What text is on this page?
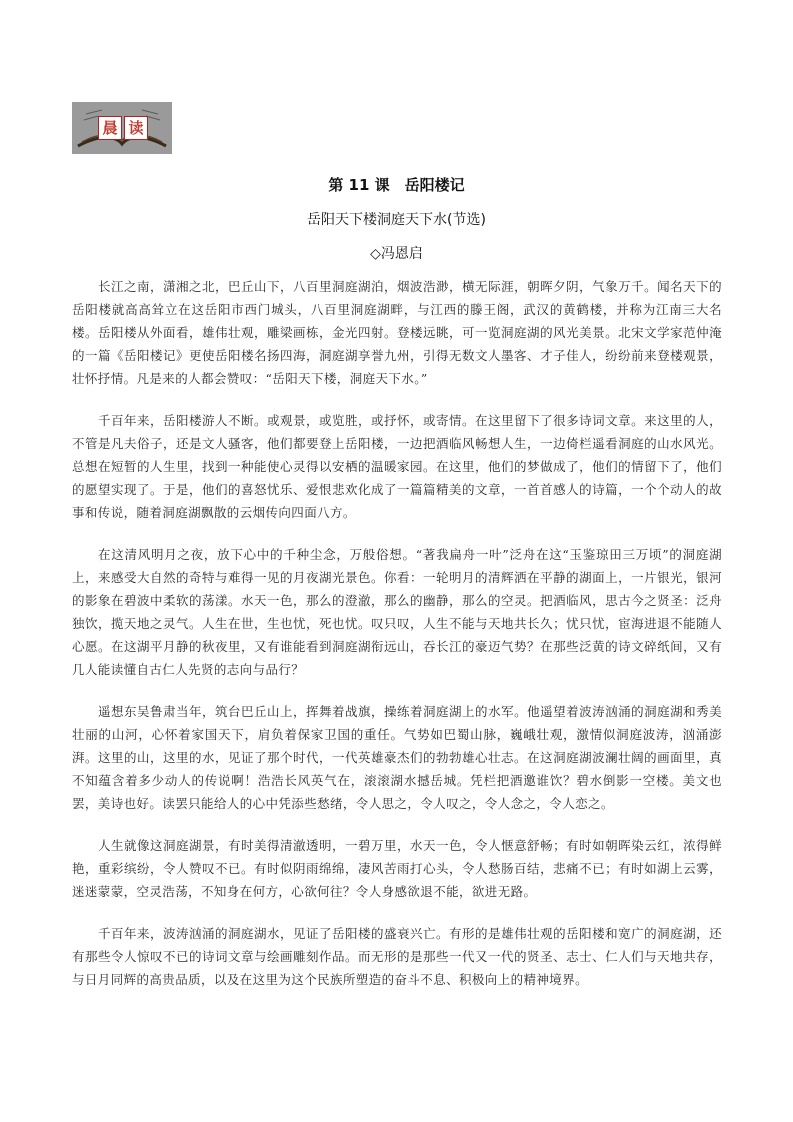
晨 读
第 11 课　岳阳楼记
岳阳天下楼洞庭天下水(节选)
◇冯恩启

长江之南，潇湘之北，巴丘山下，八百里洞庭湖泊，烟波浩渺，横无际涯，朝晖夕阴，气象万千。闻名天下的岳阳楼就高高耸立在这岳阳市西门城头，八百里洞庭湖畔，与江西的滕王阁，武汉的黄鹤楼，并称为江南三大名楼。岳阳楼从外面看，雄伟壮观，雕梁画栋，金光四射。登楼远眺，可一览洞庭湖的风光美景。北宋文学家范仲淹的一篇《岳阳楼记》更使岳阳楼名扬四海，洞庭湖享誉九州，引得无数文人墨客、才子佳人，纷纷前来登楼观景，壮怀抒情。凡是来的人都会赞叹：“岳阳天下楼，洞庭天下水。”

千百年来，岳阳楼游人不断。或观景，或览胜，或抒怀，或寄情。在这里留下了很多诗词文章。来这里的人，不管是凡夫俗子，还是文人骚客，他们都要登上岳阳楼，一边把酒临风畅想人生，一边倚栏遥看洞庭的山水风光。总想在短暂的人生里，找到一种能使心灵得以安栖的温暖家园。在这里，他们的梦做成了，他们的情留下了，他们的愿望实现了。于是，他们的喜怒忧乐、爱恨悲欢化成了一篇篇精美的文章，一首首感人的诗篇，一个个动人的故事和传说，随着洞庭湖飘散的云烟传向四面八方。

在这清风明月之夜，放下心中的千种尘念，万般俗想。“著我扁舟一叶”泛舟在这“玉鉴琼田三万顷”的洞庭湖上，来感受大自然的奇特与难得一见的月夜湖光景色。你看：一轮明月的清辉洒在平静的湖面上，一片银光，银河的影象在碧波中柔软的荡漾。水天一色，那么的澄澈，那么的幽静，那么的空灵。把酒临风，思古今之贤圣：泛舟独饮，揽天地之灵气。人生在世，生也忧，死也忧。叹只叹，人生不能与天地共长久；忧只忧，宦海进退不能随人心愿。在这湖平月静的秋夜里，又有谁能看到洞庭湖衔远山，吞长江的豪迈气势？在那些泛黄的诗文碎纸间，又有几人能读懂自古仁人先贤的志向与品行？

遥想东吴鲁肃当年，筑台巴丘山上，挥舞着战旗，操练着洞庭湖上的水军。他遥望着波涛汹涌的洞庭湖和秀美壮丽的山河，心怀着家国天下，肩负着保家卫国的重任。气势如巴蜀山脉，巍峨壮观，激情似洞庭波涛，汹涌澎湃。这里的山，这里的水，见证了那个时代，一代英雄豪杰们的勃勃雄心壮志。在这洞庭湖波澜壮阔的画面里，真不知蕴含着多少动人的传说啊！浩浩长风英气在，滚滚湖水撼岳城。凭栏把酒邀谁饮？碧水倒影一空楼。美文也罢，美诗也好。读罢只能给人的心中凭添些愁绪，令人思之，令人叹之，令人念之，令人恋之。

人生就像这洞庭湖景，有时美得清澈透明，一碧万里，水天一色，令人惬意舒畅；有时如朝晖染云红，浓得鲜艳，重彩缤纷，令人赞叹不已。有时似阴雨绵绵，凄风苦雨打心头，令人愁肠百结，悲痛不已；有时如湖上云雾，迷迷蒙蒙，空灵浩荡，不知身在何方，心欲何往？令人身感欲退不能，欲进无路。

千百年来，波涛汹涌的洞庭湖水，见证了岳阳楼的盛衰兴亡。有形的是雄伟壮观的岳阳楼和宽广的洞庭湖，还有那些令人惊叹不已的诗词文章与绘画雕刻作品。而无形的是那些一代又一代的贤圣、志士、仁人们与天地共存，与日月同辉的高贵品质，以及在这里为这个民族所塑造的奋斗不息、积极向上的精神境界。
